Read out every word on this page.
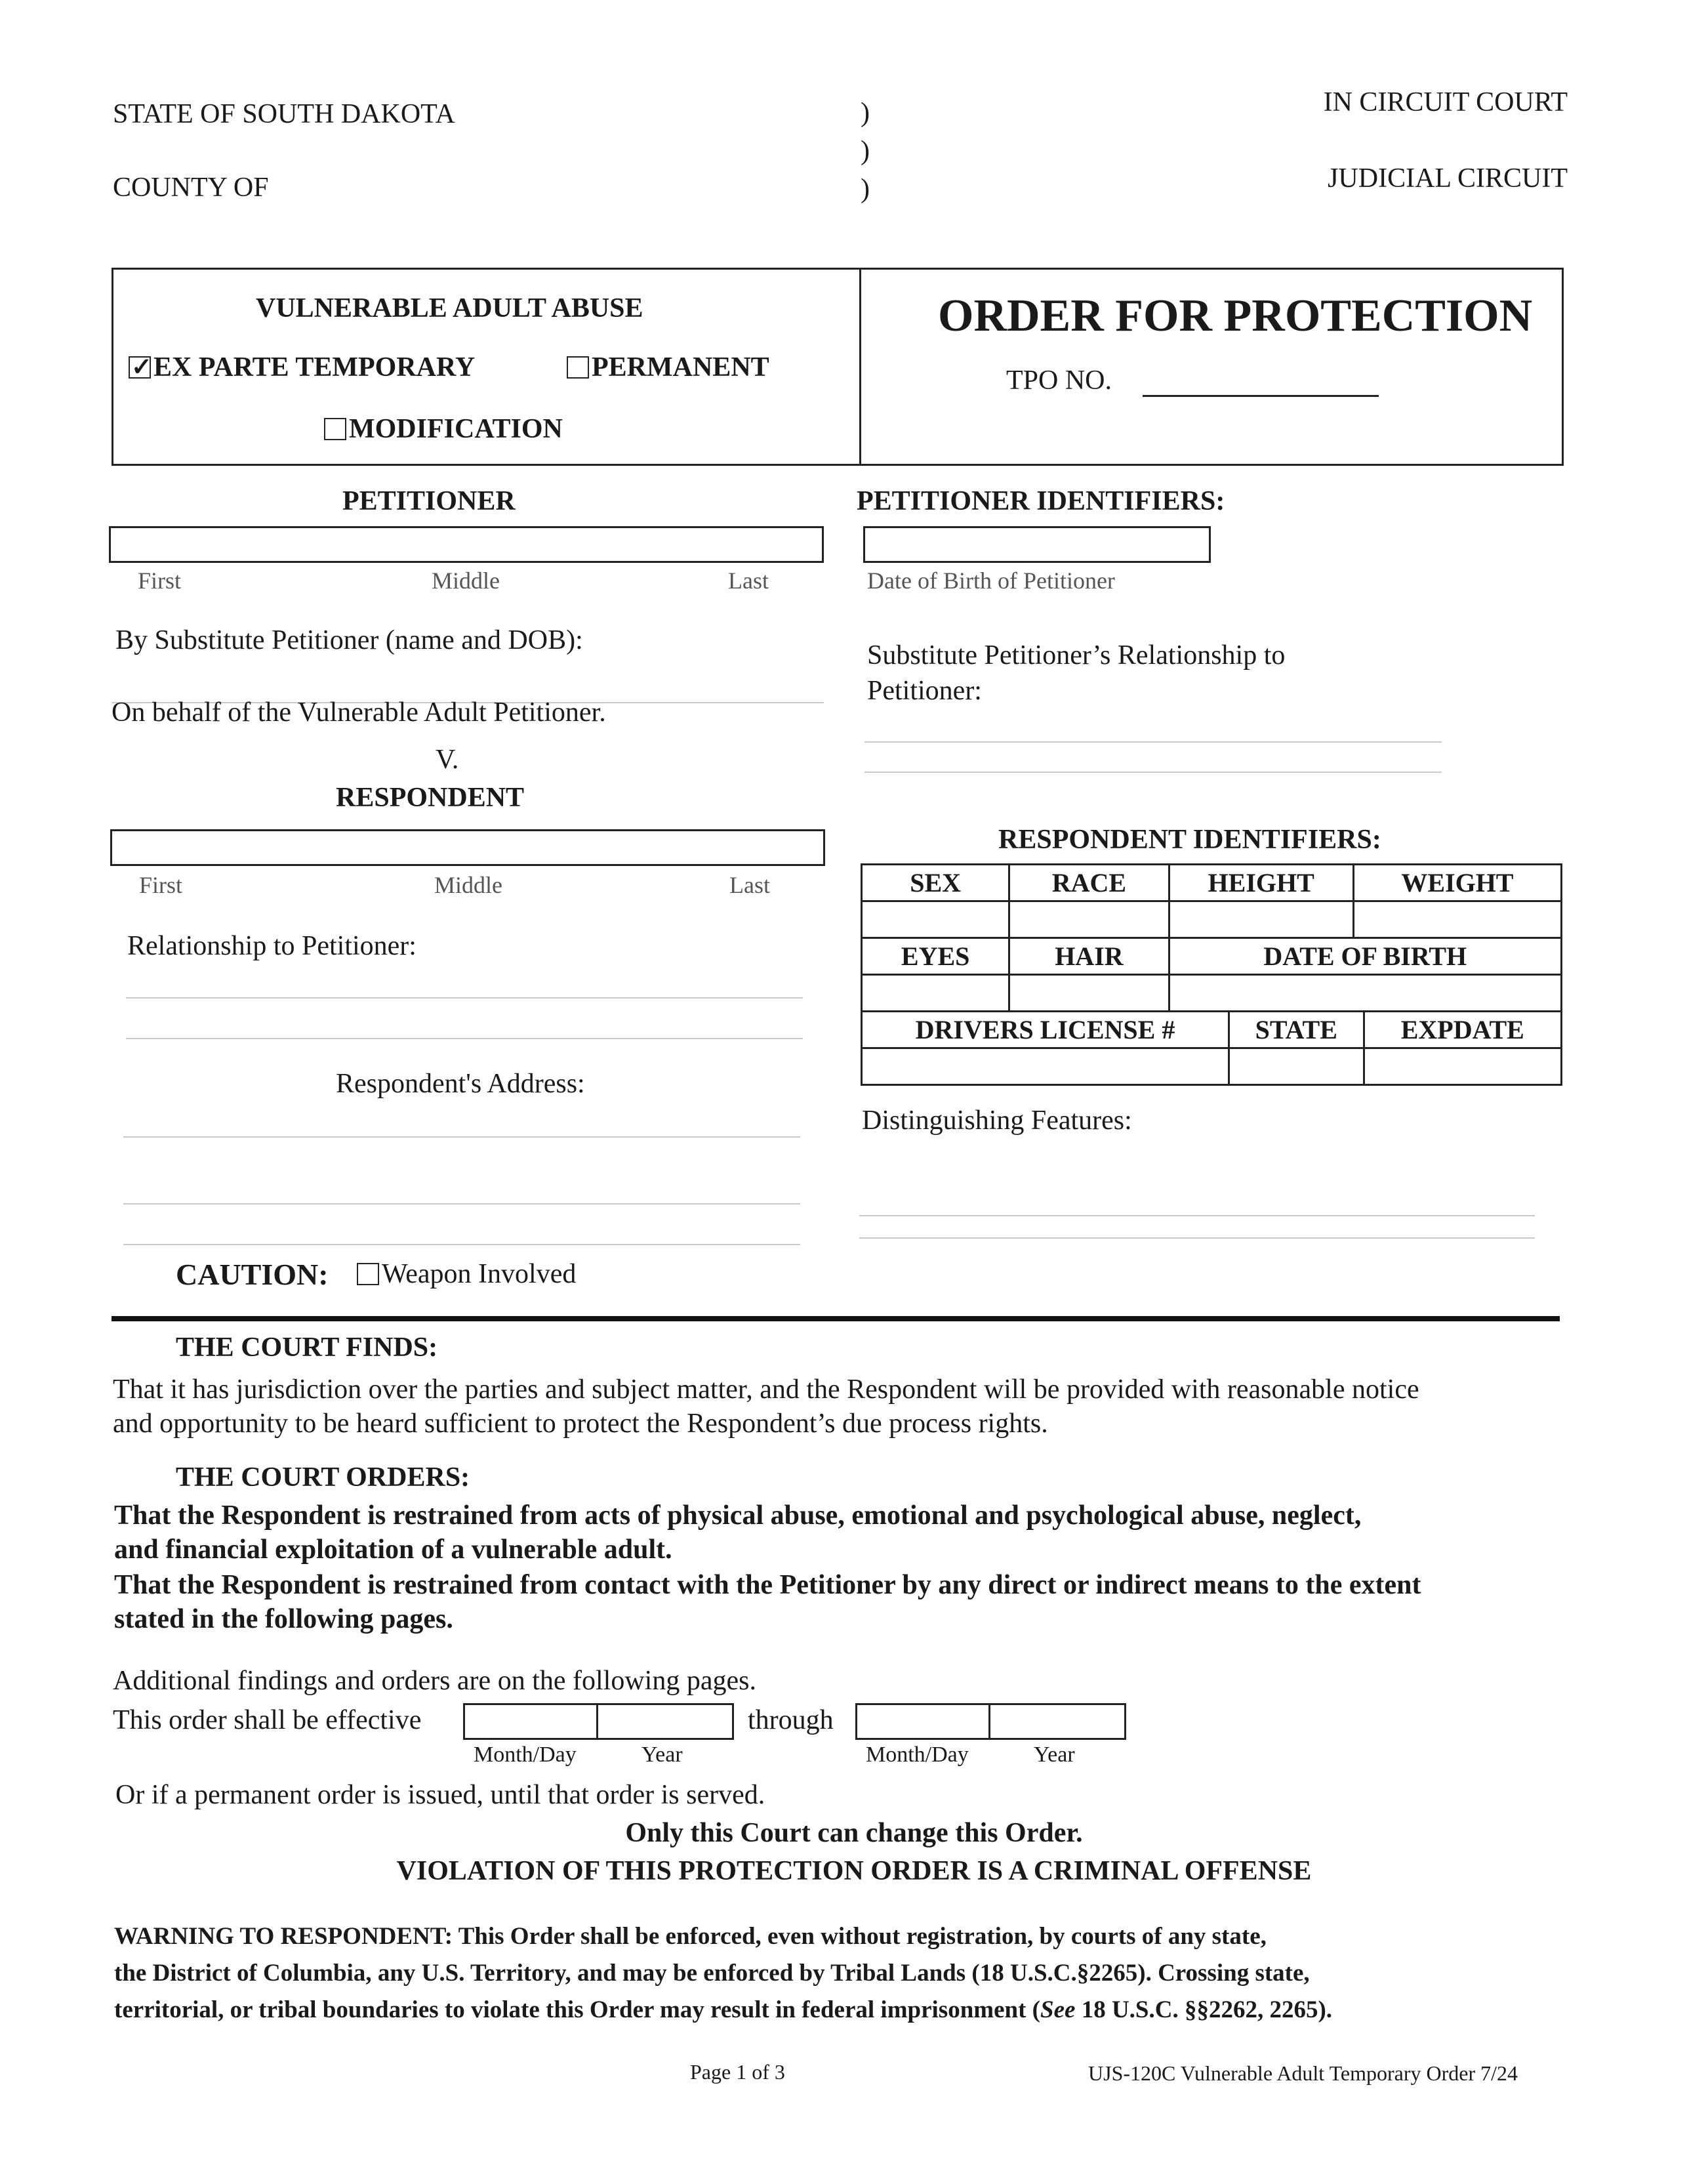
STATE OF SOUTH DAKOTA
COUNTY OF
)
)
)
IN CIRCUIT COURT
JUDICIAL CIRCUIT
VULNERABLE ADULT ABUSE
✓EX PARTE TEMPORARY	PERMANENT
MODIFICATION
ORDER FOR PROTECTION
TPO NO.
PETITIONER
First	Middle	Last
By Substitute Petitioner (name and DOB):
On behalf of the Vulnerable Adult Petitioner.
PETITIONER IDENTIFIERS:
Date of Birth of Petitioner
Substitute Petitioner’s Relationship to Petitioner:
V.
RESPONDENT
First	Middle	Last
Relationship to Petitioner:
Respondent's Address:
RESPONDENT IDENTIFIERS:
SEX	RACE	HEIGHT	WEIGHT

EYES	HAIR	DATE OF BIRTH	

DRIVERS LICENSE #	STATE	EXPDATE

Distinguishing Features:
CAUTION:	Weapon Involved
THE COURT FINDS:
That it has jurisdiction over the parties and subject matter, and the Respondent will be provided with reasonable notice
and opportunity to be heard sufficient to protect the Respondent’s due process rights.
THE COURT ORDERS:
That the Respondent is restrained from acts of physical abuse, emotional and psychological abuse, neglect,
and financial exploitation of a vulnerable adult.
That the Respondent is restrained from contact with the Petitioner by any direct or indirect means to the extent
stated in the following pages.
Additional findings and orders are on the following pages.
This order shall be effective	through
Month/Day	Year	Month/Day	Year
Or if a permanent order is issued, until that order is served.
Only this Court can change this Order.
VIOLATION OF THIS PROTECTION ORDER IS A CRIMINAL OFFENSE
WARNING TO RESPONDENT: This Order shall be enforced, even without registration, by courts of any state,
the District of Columbia, any U.S. Territory, and may be enforced by Tribal Lands (18 U.S.C.§2265). Crossing state,
territorial, or tribal boundaries to violate this Order may result in federal imprisonment (See 18 U.S.C. §§2262, 2265).
Page 1 of 3	UJS-120C Vulnerable Adult Temporary Order 7/24
